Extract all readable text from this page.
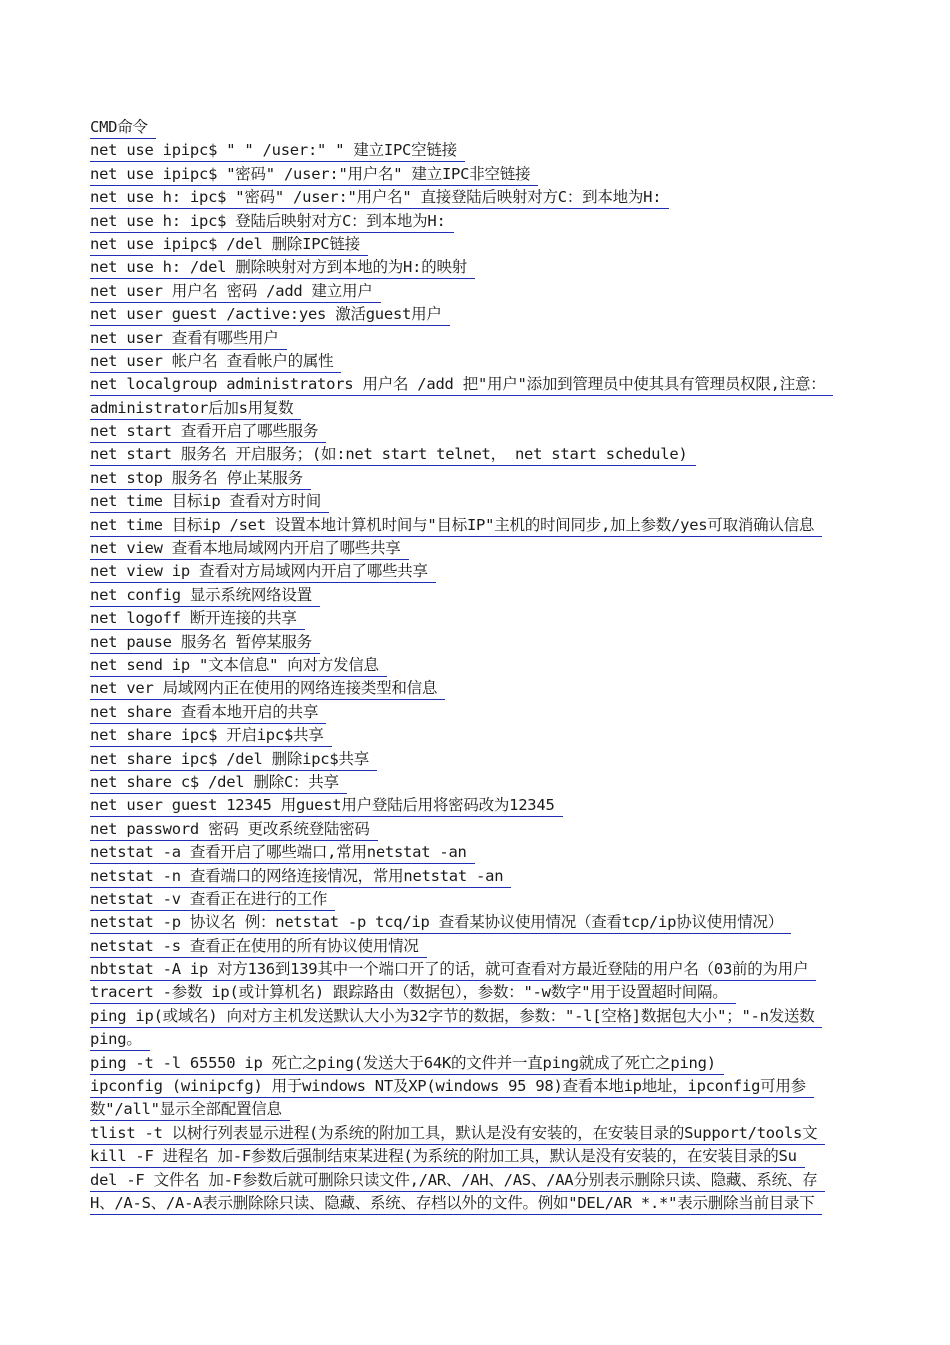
CMD命令
net use ipipc$ " " /user:" " 建立IPC空链接
net use ipipc$ "密码" /user:"用户名" 建立IPC非空链接
net use h: ipc$ "密码" /user:"用户名" 直接登陆后映射对方C：到本地为H:
net use h: ipc$ 登陆后映射对方C：到本地为H:
net use ipipc$ /del 删除IPC链接
net use h: /del 删除映射对方到本地的为H:的映射
net user 用户名 密码 /add 建立用户
net user guest /active:yes 激活guest用户
net user 查看有哪些用户
net user 帐户名 查看帐户的属性
net localgroup administrators 用户名 /add 把"用户"添加到管理员中使其具有管理员权限,注意：
administrator后加s用复数
net start 查看开启了哪些服务
net start 服务名 开启服务；(如:net start telnet， net start schedule)
net stop 服务名 停止某服务
net time 目标ip 查看对方时间
net time 目标ip /set 设置本地计算机时间与"目标IP"主机的时间同步,加上参数/yes可取消确认信息
net view 查看本地局域网内开启了哪些共享
net view ip 查看对方局域网内开启了哪些共享
net config 显示系统网络设置
net logoff 断开连接的共享
net pause 服务名 暂停某服务
net send ip "文本信息" 向对方发信息
net ver 局域网内正在使用的网络连接类型和信息
net share 查看本地开启的共享
net share ipc$ 开启ipc$共享
net share ipc$ /del 删除ipc$共享
net share c$ /del 删除C：共享
net user guest 12345 用guest用户登陆后用将密码改为12345
net password 密码 更改系统登陆密码
netstat -a 查看开启了哪些端口,常用netstat -an
netstat -n 查看端口的网络连接情况，常用netstat -an
netstat -v 查看正在进行的工作
netstat -p 协议名 例：netstat -p tcq/ip 查看某协议使用情况（查看tcp/ip协议使用情况）
netstat -s 查看正在使用的所有协议使用情况
nbtstat -A ip 对方136到139其中一个端口开了的话，就可查看对方最近登陆的用户名（03前的为用户
tracert -参数 ip(或计算机名) 跟踪路由（数据包），参数："-w数字"用于设置超时间隔。
ping ip(或域名) 向对方主机发送默认大小为32字节的数据，参数："-l[空格]数据包大小"；"-n发送数
ping。
ping -t -l 65550 ip 死亡之ping(发送大于64K的文件并一直ping就成了死亡之ping)
ipconfig (winipcfg) 用于windows NT及XP(windows 95 98)查看本地ip地址，ipconfig可用参
数"/all"显示全部配置信息
tlist -t 以树行列表显示进程(为系统的附加工具，默认是没有安装的，在安装目录的Support/tools文
kill -F 进程名 加-F参数后强制结束某进程(为系统的附加工具，默认是没有安装的，在安装目录的Su
del -F 文件名 加-F参数后就可删除只读文件,/AR、/AH、/AS、/AA分别表示删除只读、隐藏、系统、存
H、/A-S、/A-A表示删除除只读、隐藏、系统、存档以外的文件。例如"DEL/AR *.*"表示删除当前目录下
